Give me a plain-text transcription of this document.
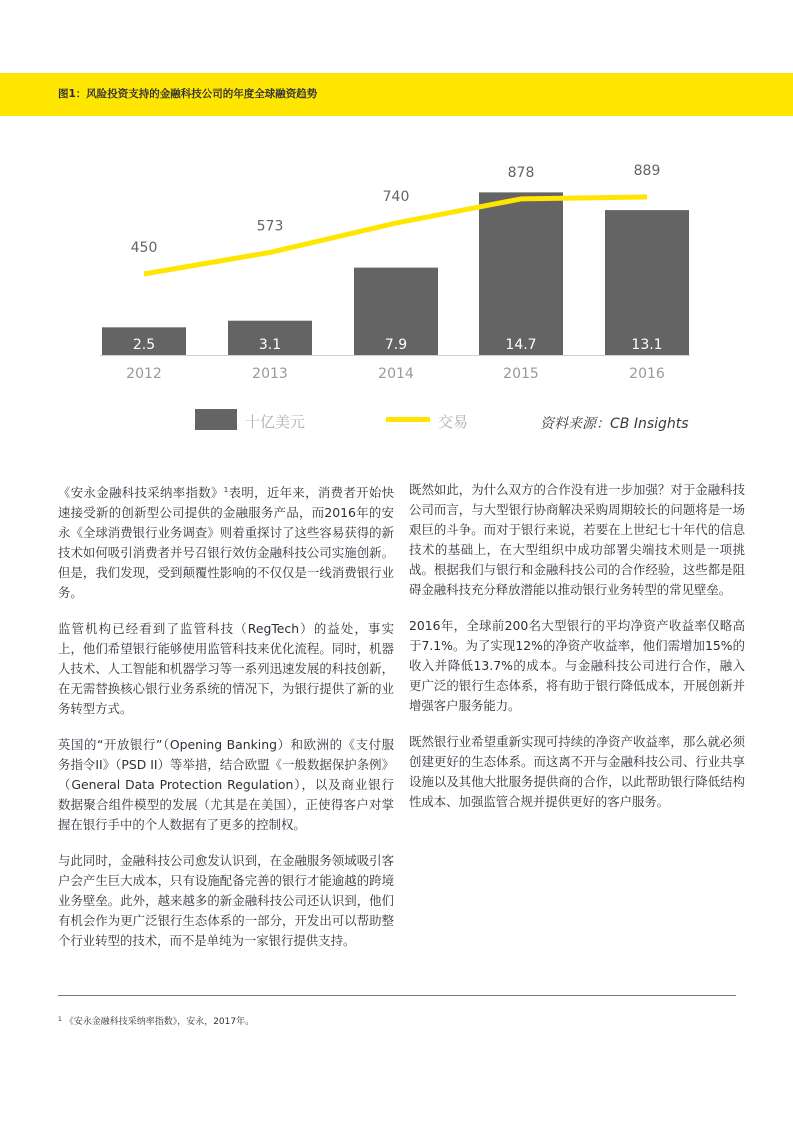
图1：风险投资支持的金融科技公司的年度全球融资趋势
2.5	3.1	7.9	14.7	13.1
2012	2013	2014	2015	2016
450
573
740
878	889
十亿美元	交易	资料来源：CB Insights

《安永金融科技采纳率指数》$^1$表明，近年来，消费者开始快速接受新的创新型公司提供的金融服务产品，而2016年的安永《全球消费银行业务调查》则着重探讨了这些容易获得的新技术如何吸引消费者并号召银行效仿金融科技公司实施创新。但是，我们发现，受到颠覆性影响的不仅仅是一线消费银行业务。

监管机构已经看到了监管科技（RegTech）的益处，事实上，他们希望银行能够使用监管科技来优化流程。同时，机器人技术、人工智能和机器学习等一系列迅速发展的科技创新，在无需替换核心银行业务系统的情况下，为银行提供了新的业务转型方式。

英国的“开放银行”（Opening Banking）和欧洲的《支付服务指令II》（PSD II）等举措，结合欧盟《一般数据保护条例》（General Data Protection Regulation），以及商业银行数据聚合组件模型的发展（尤其是在美国），正使得客户对掌握在银行手中的个人数据有了更多的控制权。

与此同时，金融科技公司愈发认识到，在金融服务领域吸引客户会产生巨大成本，只有设施配备完善的银行才能逾越的跨境业务壁垒。此外，越来越多的新金融科技公司还认识到，他们有机会作为更广泛银行生态体系的一部分，开发出可以帮助整个行业转型的技术，而不是单纯为一家银行提供支持。

既然如此，为什么双方的合作没有进一步加强？对于金融科技公司而言，与大型银行协商解决采购周期较长的问题将是一场艰巨的斗争。而对于银行来说，若要在上世纪七十年代的信息技术的基础上，在大型组织中成功部署尖端技术则是一项挑战。根据我们与银行和金融科技公司的合作经验，这些都是阻碍金融科技充分释放潜能以推动银行业务转型的常见壁垒。

2016年，全球前200名大型银行的平均净资产收益率仅略高于7.1%。为了实现12%的净资产收益率，他们需增加15%的收入并降低13.7%的成本。与金融科技公司进行合作，融入更广泛的银行生态体系，将有助于银行降低成本，开展创新并增强客户服务能力。

既然银行业希望重新实现可持续的净资产收益率，那么就必须创建更好的生态体系。而这离不开与金融科技公司、行业共享设施以及其他大批服务提供商的合作，以此帮助银行降低结构性成本、加强监管合规并提供更好的客户服务。

$^1$ 《安永金融科技采纳率指数》，安永，2017年。
